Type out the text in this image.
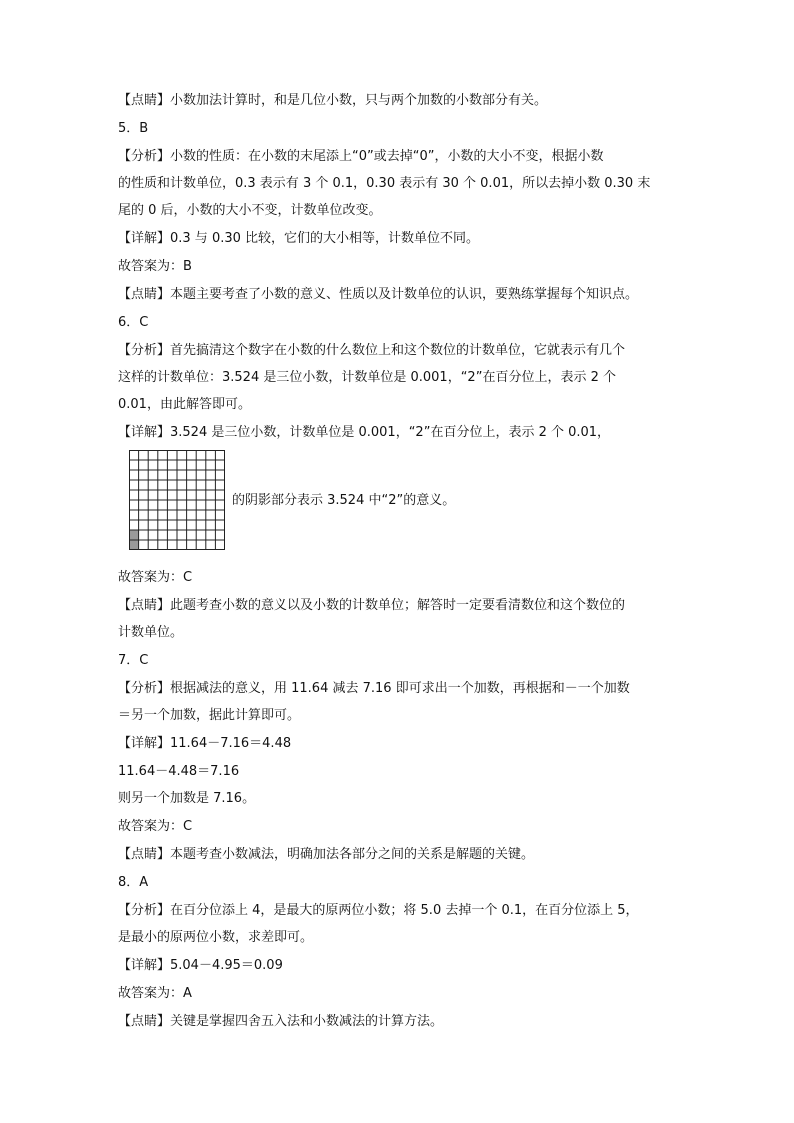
【点睛】小数加法计算时，和是几位小数，只与两个加数的小数部分有关。
5．B
【分析】小数的性质：在小数的末尾添上“0”或去掉“0”，小数的大小不变，根据小数
的性质和计数单位，0.3 表示有 3 个 0.1，0.30 表示有 30 个 0.01，所以去掉小数 0.30 末
尾的 0 后，小数的大小不变，计数单位改变。
【详解】0.3 与 0.30 比较，它们的大小相等，计数单位不同。
故答案为：B
【点睛】本题主要考查了小数的意义、性质以及计数单位的认识，要熟练掌握每个知识点。
6．C
【分析】首先搞清这个数字在小数的什么数位上和这个数位的计数单位，它就表示有几个
这样的计数单位：3.524 是三位小数，计数单位是 0.001，“2”在百分位上，表示 2 个
0.01，由此解答即可。
【详解】3.524 是三位小数，计数单位是 0.001，“2”在百分位上，表示 2 个 0.01，
故答案为：C
【点睛】此题考查小数的意义以及小数的计数单位；解答时一定要看清数位和这个数位的
计数单位。
7．C
【分析】根据减法的意义，用 11.64 减去 7.16 即可求出一个加数，再根据和－一个加数
＝另一个加数，据此计算即可。
【详解】11.64－7.16＝4.48
11.64－4.48＝7.16
则另一个加数是 7.16。
故答案为：C
【点睛】本题考查小数减法，明确加法各部分之间的关系是解题的关键。
8．A
【分析】在百分位添上 4，是最大的原两位小数；将 5.0 去掉一个 0.1，在百分位添上 5，
是最小的原两位小数，求差即可。
【详解】5.04－4.95＝0.09
故答案为：A
【点睛】关键是掌握四舍五入法和小数减法的计算方法。
的阴影部分表示 3.524 中“2”的意义。
